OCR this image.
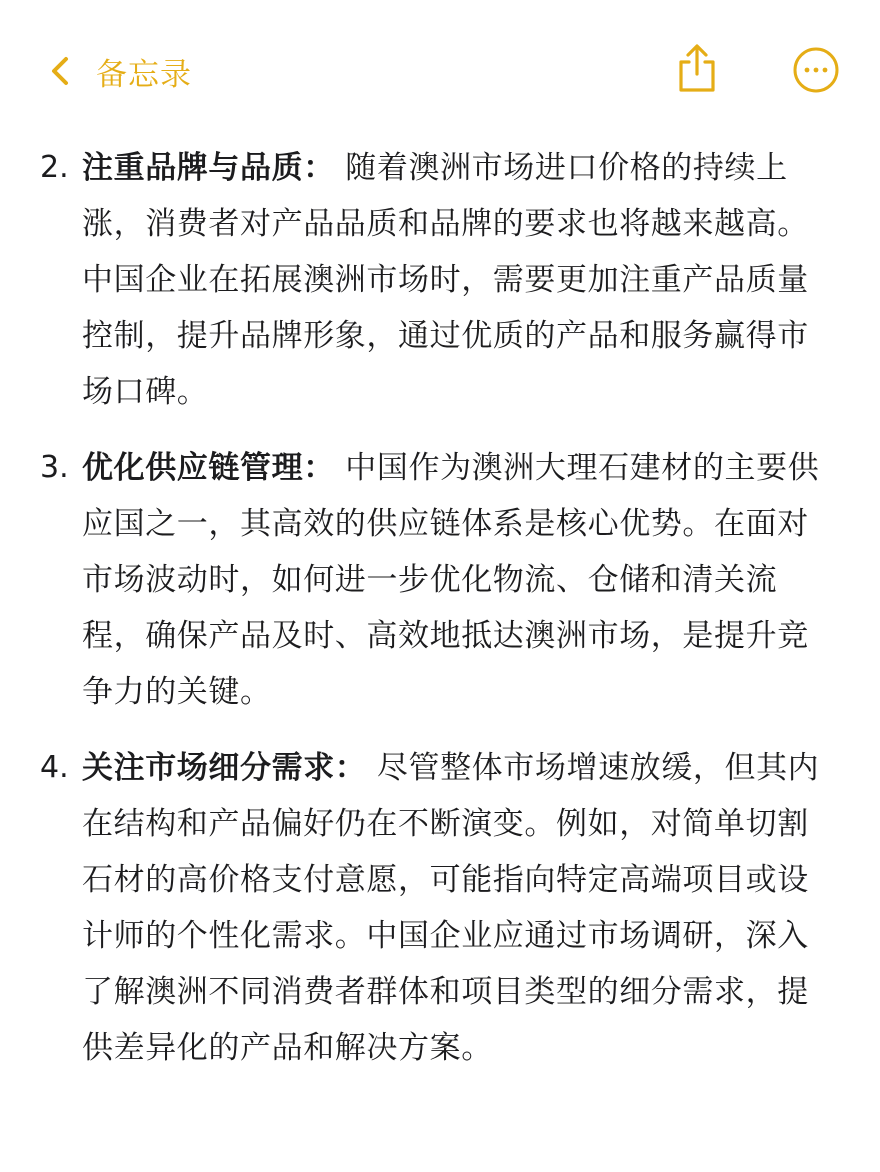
备忘录
2. 注重品牌与品质： 随着澳洲市场进口价格的持续上涨，消费者对产品品质和品牌的要求也将越来越高。中国企业在拓展澳洲市场时，需要更加注重产品质量控制，提升品牌形象，通过优质的产品和服务赢得市场口碑。
3. 优化供应链管理： 中国作为澳洲大理石建材的主要供应国之一，其高效的供应链体系是核心优势。在面对市场波动时，如何进一步优化物流、仓储和清关流程，确保产品及时、高效地抵达澳洲市场，是提升竞争力的关键。
4. 关注市场细分需求： 尽管整体市场增速放缓，但其内在结构和产品偏好仍在不断演变。例如，对简单切割石材的高价格支付意愿，可能指向特定高端项目或设计师的个性化需求。中国企业应通过市场调研，深入了解澳洲不同消费者群体和项目类型的细分需求，提供差异化的产品和解决方案。
